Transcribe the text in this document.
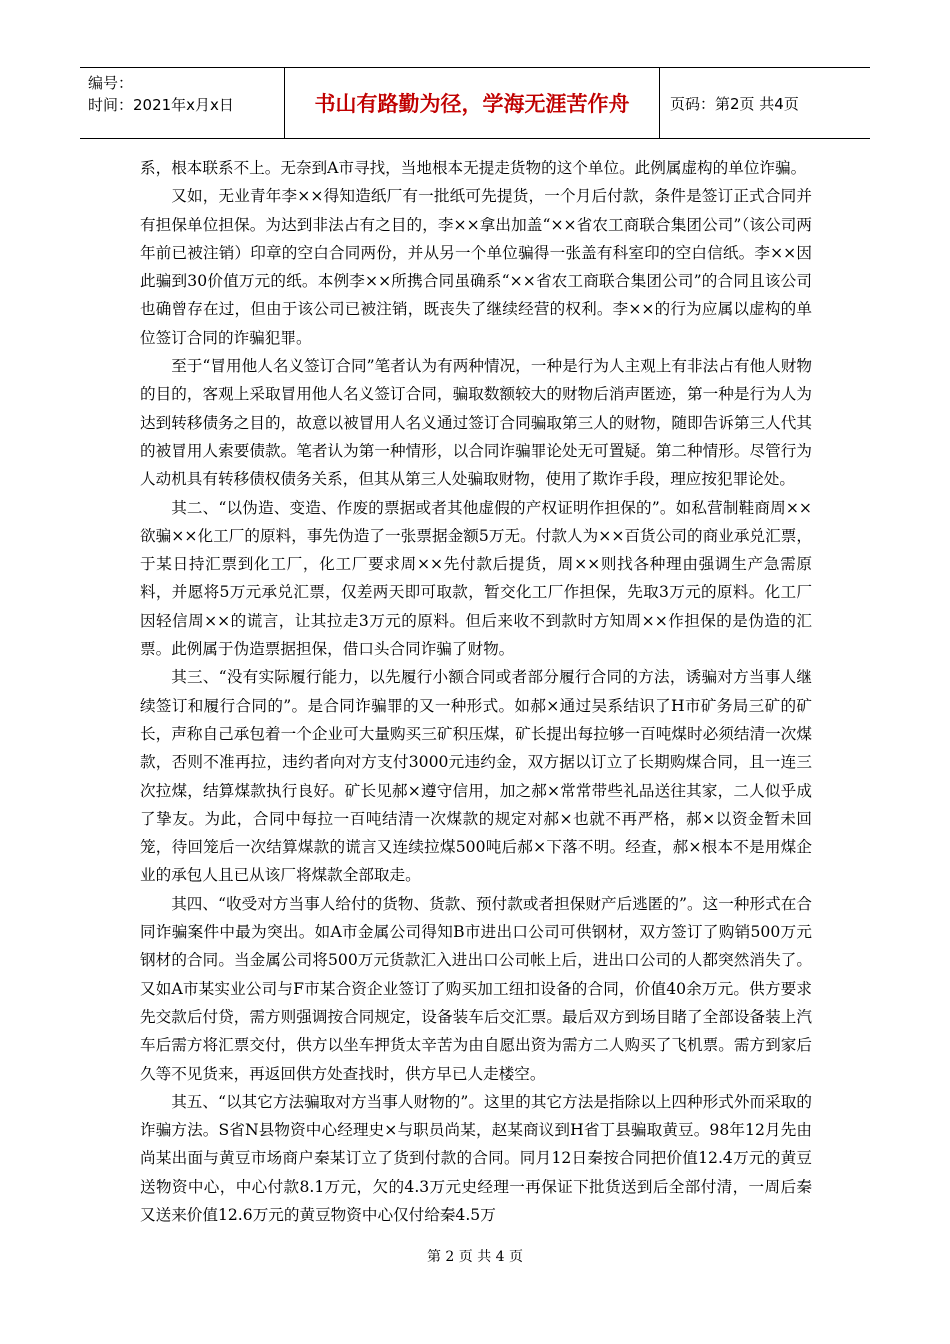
编号：
时间：2021年x月x日	书山有路勤为径，学海无涯苦作舟	页码：第2页 共4页

系，根本联系不上。无奈到A市寻找，当地根本无提走货物的这个单位。此例属虚构的单位诈骗。

又如，无业青年李××得知造纸厂有一批纸可先提货，一个月后付款，条件是签订正式合同并有担保单位担保。为达到非法占有之目的，李××拿出加盖“××省农工商联合集团公司”（该公司两年前已被注销）印章的空白合同两份，并从另一个单位骗得一张盖有科室印的空白信纸。李××因此骗到30价值万元的纸。本例李××所携合同虽确系“××省农工商联合集团公司”的合同且该公司也确曾存在过，但由于该公司已被注销，既丧失了继续经营的权利。李××的行为应属以虚构的单位签订合同的诈骗犯罪。

至于“冒用他人名义签订合同”笔者认为有两种情况，一种是行为人主观上有非法占有他人财物的目的，客观上采取冒用他人名义签订合同，骗取数额较大的财物后消声匿迹，第一种是行为人为达到转移债务之目的，故意以被冒用人名义通过签订合同骗取第三人的财物，随即告诉第三人代其的被冒用人索要债款。笔者认为第一种情形，以合同诈骗罪论处无可置疑。第二种情形。尽管行为人动机具有转移债权债务关系，但其从第三人处骗取财物，使用了欺诈手段，理应按犯罪论处。

其二、“以伪造、变造、作废的票据或者其他虚假的产权证明作担保的”。如私营制鞋商周××欲骗××化工厂的原料，事先伪造了一张票据金额5万无。付款人为××百货公司的商业承兑汇票，于某日持汇票到化工厂，化工厂要求周××先付款后提货，周××则找各种理由强调生产急需原料，并愿将5万元承兑汇票，仅差两天即可取款，暂交化工厂作担保，先取3万元的原料。化工厂因轻信周××的谎言，让其拉走3万元的原料。但后来收不到款时方知周××作担保的是伪造的汇票。此例属于伪造票据担保，借口头合同诈骗了财物。

其三、“没有实际履行能力，以先履行小额合同或者部分履行合同的方法，诱骗对方当事人继续签订和履行合同的”。是合同诈骗罪的又一种形式。如郝×通过吴系结识了H市矿务局三矿的矿长，声称自己承包着一个企业可大量购买三矿积压煤，矿长提出每拉够一百吨煤时必须结清一次煤款，否则不准再拉，违约者向对方支付3000元违约金，双方据以订立了长期购煤合同，且一连三次拉煤，结算煤款执行良好。矿长见郝×遵守信用，加之郝×常常带些礼品送往其家，二人似乎成了挚友。为此，合同中每拉一百吨结清一次煤款的规定对郝×也就不再严格，郝×以资金暂未回笼，待回笼后一次结算煤款的谎言又连续拉煤500吨后郝×下落不明。经查，郝×根本不是用煤企业的承包人且已从该厂将煤款全部取走。

其四、“收受对方当事人给付的货物、货款、预付款或者担保财产后逃匿的”。这一种形式在合同诈骗案件中最为突出。如A市金属公司得知B市进出口公司可供钢材，双方签订了购销500万元钢材的合同。当金属公司将500万元货款汇入进出口公司帐上后，进出口公司的人都突然消失了。又如A市某实业公司与F市某合资企业签订了购买加工纽扣设备的合同，价值40余万元。供方要求先交款后付贷，需方则强调按合同规定，设备装车后交汇票。最后双方到场目睹了全部设备装上汽车后需方将汇票交付，供方以坐车押货太辛苦为由自愿出资为需方二人购买了飞机票。需方到家后久等不见货来，再返回供方处查找时，供方早已人走楼空。

其五、“以其它方法骗取对方当事人财物的”。这里的其它方法是指除以上四种形式外而采取的诈骗方法。S省N县物资中心经理史×与职员尚某，赵某商议到H省丁县骗取黄豆。98年12月先由尚某出面与黄豆市场商户秦某订立了货到付款的合同。同月12日秦按合同把价值12.4万元的黄豆送物资中心，中心付款8.1万元，欠的4.3万元史经理一再保证下批货送到后全部付清，一周后秦又送来价值12.6万元的黄豆物资中心仅付给秦4.5万

第 2 页 共 4 页
